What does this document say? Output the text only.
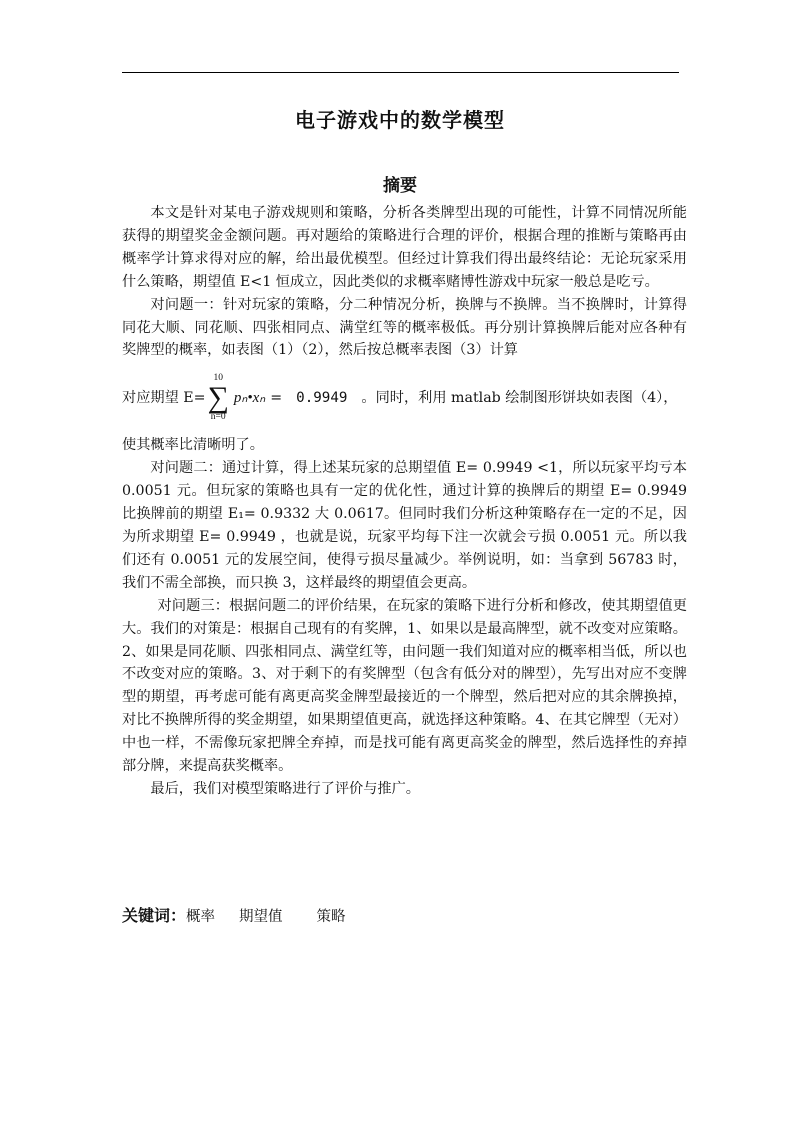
电子游戏中的数学模型
摘要

本文是针对某电子游戏规则和策略，分析各类牌型出现的可能性，计算不同情况所能获得的期望奖金金额问题。再对题给的策略进行合理的评价，根据合理的推断与策略再由概率学计算求得对应的解，给出最优模型。但经过计算我们得出最终结论：无论玩家采用什么策略，期望值 E<1 恒成立，因此类似的求概率赌博性游戏中玩家一般总是吃亏。

对问题一：针对玩家的策略，分二种情况分析，换牌与不换牌。当不换牌时，计算得同花大顺、同花顺、四张相同点、满堂红等的概率极低。再分别计算换牌后能对应各种有奖牌型的概率，如表图（1）（2），然后按总概率表图（3）计算

对应期望 E=
10
∑
n=0
pₙ•xₙ = 0.9949 。同时，利用 matlab 绘制图形饼块如表图（4），

使其概率比清晰明了。

对问题二：通过计算，得上述某玩家的总期望值 E= 0.9949 <1，所以玩家平均亏本 0.0051 元。但玩家的策略也具有一定的优化性，通过计算的换牌后的期望 E= 0.9949 比换牌前的期望 E₁= 0.9332 大 0.0617。但同时我们分析这种策略存在一定的不足，因为所求期望 E= 0.9949 ，也就是说，玩家平均每下注一次就会亏损 0.0051 元。所以我们还有 0.0051 元的发展空间，使得亏损尽量减少。举例说明，如：当拿到 56783 时，我们不需全部换，而只换 3，这样最终的期望值会更高。

对问题三：根据问题二的评价结果，在玩家的策略下进行分析和修改，使其期望值更大。我们的对策是：根据自己现有的有奖牌，1、如果以是最高牌型，就不改变对应策略。2、如果是同花顺、四张相同点、满堂红等，由问题一我们知道对应的概率相当低，所以也不改变对应的策略。3、对于剩下的有奖牌型（包含有低分对的牌型），先写出对应不变牌型的期望，再考虑可能有离更高奖金牌型最接近的一个牌型，然后把对应的其余牌换掉，对比不换牌所得的奖金期望，如果期望值更高，就选择这种策略。4、在其它牌型（无对）中也一样，不需像玩家把牌全弃掉，而是找可能有离更高奖金的牌型，然后选择性的弃掉部分牌，来提高获奖概率。

最后，我们对模型策略进行了评价与推广。

关键词：概率 期望值 策略
